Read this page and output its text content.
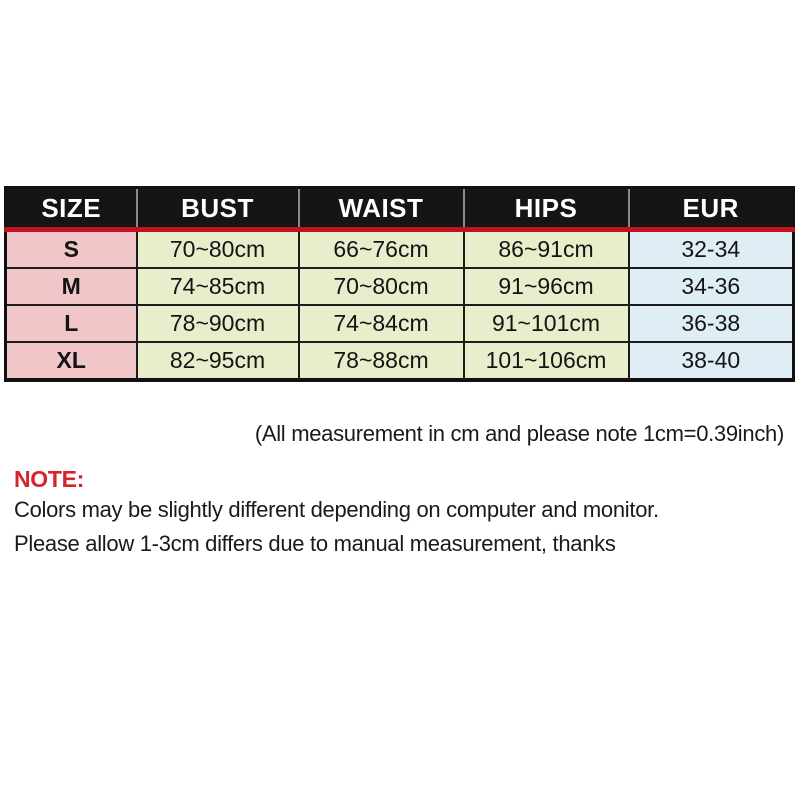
SIZE	BUST	WAIST	HIPS	EUR
S	70~80cm	66~76cm	86~91cm	32-34
M	74~85cm	70~80cm	91~96cm	34-36
L	78~90cm	74~84cm	91~101cm	36-38
XL	82~95cm	78~88cm	101~106cm	38-40
(All measurement in cm and please note 1cm=0.39inch)
NOTE:
Colors may be slightly different depending on computer and monitor.
Please allow 1-3cm differs due to manual measurement, thanks
